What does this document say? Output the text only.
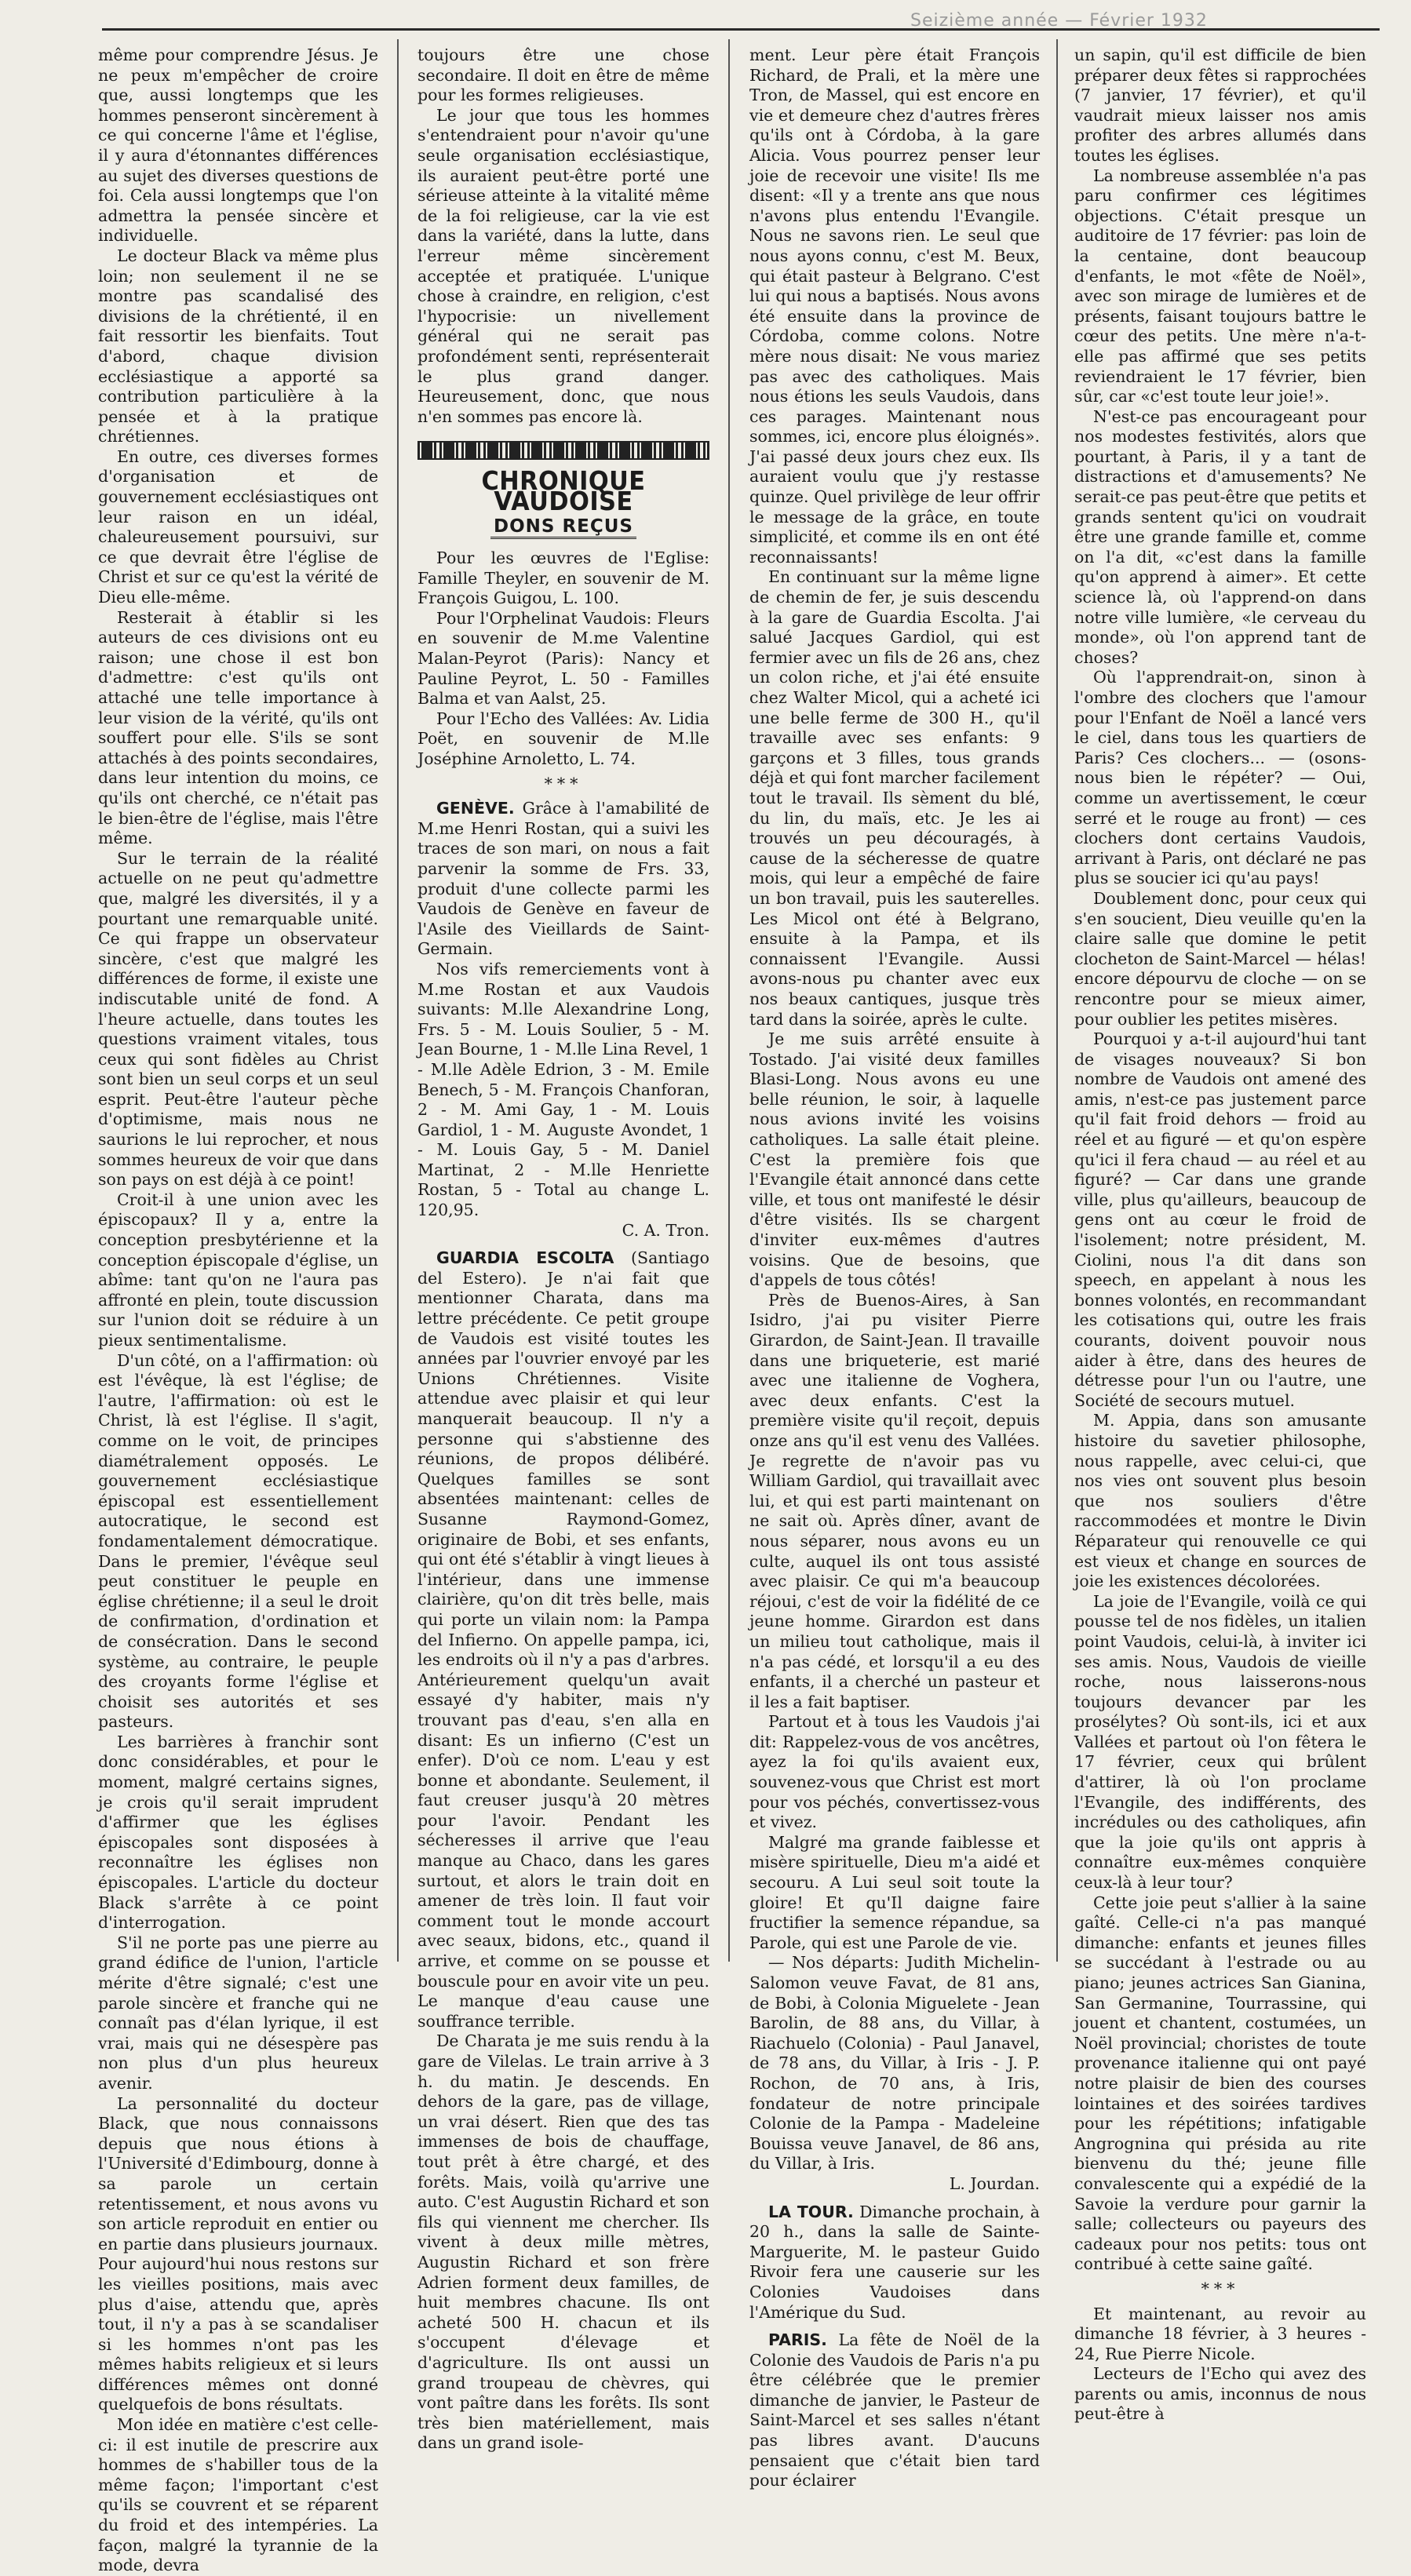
Seizième année — Février 1932

même pour comprendre Jésus. Je ne peux m'empêcher de croire que, aussi longtemps que les hommes penseront sincèrement à ce qui concerne l'âme et l'église, il y aura d'étonnantes différences au sujet des diverses questions de foi. Cela aussi longtemps que l'on admettra la pensée sincère et individuelle.

Le docteur Black va même plus loin; non seulement il ne se montre pas scandalisé des divisions de la chrétienté, il en fait ressortir les bienfaits. Tout d'abord, chaque division ecclésiastique a apporté sa contribution particulière à la pensée et à la pratique chrétiennes.

En outre, ces diverses formes d'organisation et de gouvernement ecclésiastiques ont leur raison en un idéal, chaleureusement poursuivi, sur ce que devrait être l'église de Christ et sur ce qu'est la vérité de Dieu elle-même.

Resterait à établir si les auteurs de ces divisions ont eu raison; une chose il est bon d'admettre: c'est qu'ils ont attaché une telle importance à leur vision de la vérité, qu'ils ont souffert pour elle. S'ils se sont attachés à des points secondaires, dans leur intention du moins, ce qu'ils ont cherché, ce n'était pas le bien-être de l'église, mais l'être même.

Sur le terrain de la réalité actuelle on ne peut qu'admettre que, malgré les diversités, il y a pourtant une remarquable unité. Ce qui frappe un observateur sincère, c'est que malgré les différences de forme, il existe une indiscutable unité de fond. A l'heure actuelle, dans toutes les questions vraiment vitales, tous ceux qui sont fidèles au Christ sont bien un seul corps et un seul esprit. Peut-être l'auteur pèche d'optimisme, mais nous ne saurions le lui reprocher, et nous sommes heureux de voir que dans son pays on est déjà à ce point!

Croit-il à une union avec les épiscopaux? Il y a, entre la conception presbytérienne et la conception épiscopale d'église, un abîme: tant qu'on ne l'aura pas affronté en plein, toute discussion sur l'union doit se réduire à un pieux sentimentalisme.

D'un côté, on a l'affirmation: où est l'évêque, là est l'église; de l'autre, l'affirmation: où est le Christ, là est l'église. Il s'agit, comme on le voit, de principes diamétralement opposés. Le gouvernement ecclésiastique épiscopal est essentiellement autocratique, le second est fondamentalement démocratique. Dans le premier, l'évêque seul peut constituer le peuple en église chrétienne; il a seul le droit de confirmation, d'ordination et de consécration. Dans le second système, au contraire, le peuple des croyants forme l'église et choisit ses autorités et ses pasteurs.

Les barrières à franchir sont donc considérables, et pour le moment, malgré certains signes, je crois qu'il serait imprudent d'affirmer que les églises épiscopales sont disposées à reconnaître les églises non épiscopales. L'article du docteur Black s'arrête à ce point d'interrogation.

S'il ne porte pas une pierre au grand édifice de l'union, l'article mérite d'être signalé; c'est une parole sincère et franche qui ne connaît pas d'élan lyrique, il est vrai, mais qui ne désespère pas non plus d'un plus heureux avenir.

La personnalité du docteur Black, que nous connaissons depuis que nous étions à l'Université d'Edimbourg, donne à sa parole un certain retentissement, et nous avons vu son article reproduit en entier ou en partie dans plusieurs journaux. Pour aujourd'hui nous restons sur les vieilles positions, mais avec plus d'aise, attendu que, après tout, il n'y a pas à se scandaliser si les hommes n'ont pas les mêmes habits religieux et si leurs différences mêmes ont donné quelquefois de bons résultats.

Mon idée en matière c'est celle-ci: il est inutile de prescrire aux hommes de s'habiller tous de la même façon; l'important c'est qu'ils se couvrent et se réparent du froid et des intempéries. La façon, malgré la tyrannie de la mode, devra

toujours être une chose secondaire. Il doit en être de même pour les formes religieuses.

Le jour que tous les hommes s'entendraient pour n'avoir qu'une seule organisation ecclésiastique, ils auraient peut-être porté une sérieuse atteinte à la vitalité même de la foi religieuse, car la vie est dans la variété, dans la lutte, dans l'erreur même sincèrement acceptée et pratiquée. L'unique chose à craindre, en religion, c'est l'hypocrisie: un nivellement général qui ne serait pas profondément senti, représenterait le plus grand danger. Heureusement, donc, que nous n'en sommes pas encore là.

CHRONIQUE VAUDOISE
DONS REÇUS

Pour les œuvres de l'Eglise: Famille Theyler, en souvenir de M. François Guigou, L. 100.

Pour l'Orphelinat Vaudois: Fleurs en souvenir de M.me Valentine Malan-Peyrot (Paris): Nancy et Pauline Peyrot, L. 50 - Familles Balma et van Aalst, 25.

Pour l'Echo des Vallées: Av. Lidia Poët, en souvenir de M.lle Joséphine Arnoletto, L. 74.

***

GENÈVE. Grâce à l'amabilité de M.me Henri Rostan, qui a suivi les traces de son mari, on nous a fait parvenir la somme de Frs. 33, produit d'une collecte parmi les Vaudois de Genève en faveur de l'Asile des Vieillards de Saint-Germain.

Nos vifs remerciements vont à M.me Rostan et aux Vaudois suivants: M.lle Alexandrine Long, Frs. 5 - M. Louis Soulier, 5 - M. Jean Bourne, 1 - M.lle Lina Revel, 1 - M.lle Adèle Edrion, 3 - M. Emile Benech, 5 - M. François Chanforan, 2 - M. Ami Gay, 1 - M. Louis Gardiol, 1 - M. Auguste Avondet, 1 - M. Louis Gay, 5 - M. Daniel Martinat, 2 - M.lle Henriette Rostan, 5 - Total au change L. 120,95.

C. A. Tron.

GUARDIA ESCOLTA (Santiago del Estero). Je n'ai fait que mentionner Charata, dans ma lettre précédente. Ce petit groupe de Vaudois est visité toutes les années par l'ouvrier envoyé par les Unions Chrétiennes. Visite attendue avec plaisir et qui leur manquerait beaucoup. Il n'y a personne qui s'abstienne des réunions, de propos délibéré. Quelques familles se sont absentées maintenant: celles de Susanne Raymond-Gomez, originaire de Bobi, et ses enfants, qui ont été s'établir à vingt lieues à l'intérieur, dans une immense clairière, qu'on dit très belle, mais qui porte un vilain nom: la Pampa del Infierno. On appelle pampa, ici, les endroits où il n'y a pas d'arbres. Antérieurement quelqu'un avait essayé d'y habiter, mais n'y trouvant pas d'eau, s'en alla en disant: Es un infierno (C'est un enfer). D'où ce nom. L'eau y est bonne et abondante. Seulement, il faut creuser jusqu'à 20 mètres pour l'avoir. Pendant les sécheresses il arrive que l'eau manque au Chaco, dans les gares surtout, et alors le train doit en amener de très loin. Il faut voir comment tout le monde accourt avec seaux, bidons, etc., quand il arrive, et comme on se pousse et bouscule pour en avoir vite un peu. Le manque d'eau cause une souffrance terrible.

De Charata je me suis rendu à la gare de Vilelas. Le train arrive à 3 h. du matin. Je descends. En dehors de la gare, pas de village, un vrai désert. Rien que des tas immenses de bois de chauffage, tout prêt à être chargé, et des forêts. Mais, voilà qu'arrive une auto. C'est Augustin Richard et son fils qui viennent me chercher. Ils vivent à deux mille mètres, Augustin Richard et son frère Adrien forment deux familles, de huit membres chacune. Ils ont acheté 500 H. chacun et ils s'occupent d'élevage et d'agriculture. Ils ont aussi un grand troupeau de chèvres, qui vont paître dans les forêts. Ils sont très bien matériellement, mais dans un grand isole-

ment. Leur père était François Richard, de Prali, et la mère une Tron, de Massel, qui est encore en vie et demeure chez d'autres frères qu'ils ont à Córdoba, à la gare Alicia. Vous pourrez penser leur joie de recevoir une visite! Ils me disent: «Il y a trente ans que nous n'avons plus entendu l'Evangile. Nous ne savons rien. Le seul que nous ayons connu, c'est M. Beux, qui était pasteur à Belgrano. C'est lui qui nous a baptisés. Nous avons été ensuite dans la province de Córdoba, comme colons. Notre mère nous disait: Ne vous mariez pas avec des catholiques. Mais nous étions les seuls Vaudois, dans ces parages. Maintenant nous sommes, ici, encore plus éloignés». J'ai passé deux jours chez eux. Ils auraient voulu que j'y restasse quinze. Quel privilège de leur offrir le message de la grâce, en toute simplicité, et comme ils en ont été reconnaissants!

En continuant sur la même ligne de chemin de fer, je suis descendu à la gare de Guardia Escolta. J'ai salué Jacques Gardiol, qui est fermier avec un fils de 26 ans, chez un colon riche, et j'ai été ensuite chez Walter Micol, qui a acheté ici une belle ferme de 300 H., qu'il travaille avec ses enfants: 9 garçons et 3 filles, tous grands déjà et qui font marcher facilement tout le travail. Ils sèment du blé, du lin, du maïs, etc. Je les ai trouvés un peu découragés, à cause de la sécheresse de quatre mois, qui leur a empêché de faire un bon travail, puis les sauterelles. Les Micol ont été à Belgrano, ensuite à la Pampa, et ils connaissent l'Evangile. Aussi avons-nous pu chanter avec eux nos beaux cantiques, jusque très tard dans la soirée, après le culte.

Je me suis arrêté ensuite à Tostado. J'ai visité deux familles Blasi-Long. Nous avons eu une belle réunion, le soir, à laquelle nous avions invité les voisins catholiques. La salle était pleine. C'est la première fois que l'Evangile était annoncé dans cette ville, et tous ont manifesté le désir d'être visités. Ils se chargent d'inviter eux-mêmes d'autres voisins. Que de besoins, que d'appels de tous côtés!

Près de Buenos-Aires, à San Isidro, j'ai pu visiter Pierre Girardon, de Saint-Jean. Il travaille dans une briqueterie, est marié avec une italienne de Voghera, avec deux enfants. C'est la première visite qu'il reçoit, depuis onze ans qu'il est venu des Vallées. Je regrette de n'avoir pas vu William Gardiol, qui travaillait avec lui, et qui est parti maintenant on ne sait où. Après dîner, avant de nous séparer, nous avons eu un culte, auquel ils ont tous assisté avec plaisir. Ce qui m'a beaucoup réjoui, c'est de voir la fidélité de ce jeune homme. Girardon est dans un milieu tout catholique, mais il n'a pas cédé, et lorsqu'il a eu des enfants, il a cherché un pasteur et il les a fait baptiser.

Partout et à tous les Vaudois j'ai dit: Rappelez-vous de vos ancêtres, ayez la foi qu'ils avaient eux, souvenez-vous que Christ est mort pour vos péchés, convertissez-vous et vivez.

Malgré ma grande faiblesse et misère spirituelle, Dieu m'a aidé et secouru. A Lui seul soit toute la gloire! Et qu'Il daigne faire fructifier la semence répandue, sa Parole, qui est une Parole de vie.

— Nos départs: Judith Michelin-Salomon veuve Favat, de 81 ans, de Bobi, à Colonia Miguelete - Jean Barolin, de 88 ans, du Villar, à Riachuelo (Colonia) - Paul Janavel, de 78 ans, du Villar, à Iris - J. P. Rochon, de 70 ans, à Iris, fondateur de notre principale Colonie de la Pampa - Madeleine Bouissa veuve Janavel, de 86 ans, du Villar, à Iris.

L. Jourdan.

LA TOUR. Dimanche prochain, à 20 h., dans la salle de Sainte-Marguerite, M. le pasteur Guido Rivoir fera une causerie sur les Colonies Vaudoises dans l'Amérique du Sud.

PARIS. La fête de Noël de la Colonie des Vaudois de Paris n'a pu être célébrée que le premier dimanche de janvier, le Pasteur de Saint-Marcel et ses salles n'étant pas libres avant. D'aucuns pensaient que c'était bien tard pour éclairer

un sapin, qu'il est difficile de bien préparer deux fêtes si rapprochées (7 janvier, 17 février), et qu'il vaudrait mieux laisser nos amis profiter des arbres allumés dans toutes les églises.

La nombreuse assemblée n'a pas paru confirmer ces légitimes objections. C'était presque un auditoire de 17 février: pas loin de la centaine, dont beaucoup d'enfants, le mot «fête de Noël», avec son mirage de lumières et de présents, faisant toujours battre le cœur des petits. Une mère n'a-t-elle pas affirmé que ses petits reviendraient le 17 février, bien sûr, car «c'est toute leur joie!».

N'est-ce pas encourageant pour nos modestes festivités, alors que pourtant, à Paris, il y a tant de distractions et d'amusements? Ne serait-ce pas peut-être que petits et grands sentent qu'ici on voudrait être une grande famille et, comme on l'a dit, «c'est dans la famille qu'on apprend à aimer». Et cette science là, où l'apprend-on dans notre ville lumière, «le cerveau du monde», où l'on apprend tant de choses?

Où l'apprendrait-on, sinon à l'ombre des clochers que l'amour pour l'Enfant de Noël a lancé vers le ciel, dans tous les quartiers de Paris? Ces clochers... — (osons-nous bien le répéter? — Oui, comme un avertissement, le cœur serré et le rouge au front) — ces clochers dont certains Vaudois, arrivant à Paris, ont déclaré ne pas plus se soucier ici qu'au pays!

Doublement donc, pour ceux qui s'en soucient, Dieu veuille qu'en la claire salle que domine le petit clocheton de Saint-Marcel — hélas! encore dépourvu de cloche — on se rencontre pour se mieux aimer, pour oublier les petites misères.

Pourquoi y a-t-il aujourd'hui tant de visages nouveaux? Si bon nombre de Vaudois ont amené des amis, n'est-ce pas justement parce qu'il fait froid dehors — froid au réel et au figuré — et qu'on espère qu'ici il fera chaud — au réel et au figuré? — Car dans une grande ville, plus qu'ailleurs, beaucoup de gens ont au cœur le froid de l'isolement; notre président, M. Ciolini, nous l'a dit dans son speech, en appelant à nous les bonnes volontés, en recommandant les cotisations qui, outre les frais courants, doivent pouvoir nous aider à être, dans des heures de détresse pour l'un ou l'autre, une Société de secours mutuel.

M. Appia, dans son amusante histoire du savetier philosophe, nous rappelle, avec celui-ci, que nos vies ont souvent plus besoin que nos souliers d'être raccommodées et montre le Divin Réparateur qui renouvelle ce qui est vieux et change en sources de joie les existences décolorées.

La joie de l'Evangile, voilà ce qui pousse tel de nos fidèles, un italien point Vaudois, celui-là, à inviter ici ses amis. Nous, Vaudois de vieille roche, nous laisserons-nous toujours devancer par les prosélytes? Où sont-ils, ici et aux Vallées et partout où l'on fêtera le 17 février, ceux qui brûlent d'attirer, là où l'on proclame l'Evangile, des indifférents, des incrédules ou des catholiques, afin que la joie qu'ils ont appris à connaître eux-mêmes conquière ceux-là à leur tour?

Cette joie peut s'allier à la saine gaîté. Celle-ci n'a pas manqué dimanche: enfants et jeunes filles se succédant à l'estrade ou au piano; jeunes actrices San Gianina, San Germanine, Tourrassine, qui jouent et chantent, costumées, un Noël provincial; choristes de toute provenance italienne qui ont payé notre plaisir de bien des courses lointaines et des soirées tardives pour les répétitions; infatigable Angrognina qui présida au rite bienvenu du thé; jeune fille convalescente qui a expédié de la Savoie la verdure pour garnir la salle; collecteurs ou payeurs des cadeaux pour nos petits: tous ont contribué à cette saine gaîté.

***

Et maintenant, au revoir au dimanche 18 février, à 3 heures - 24, Rue Pierre Nicole.

Lecteurs de l'Echo qui avez des parents ou amis, inconnus de nous peut-être à
